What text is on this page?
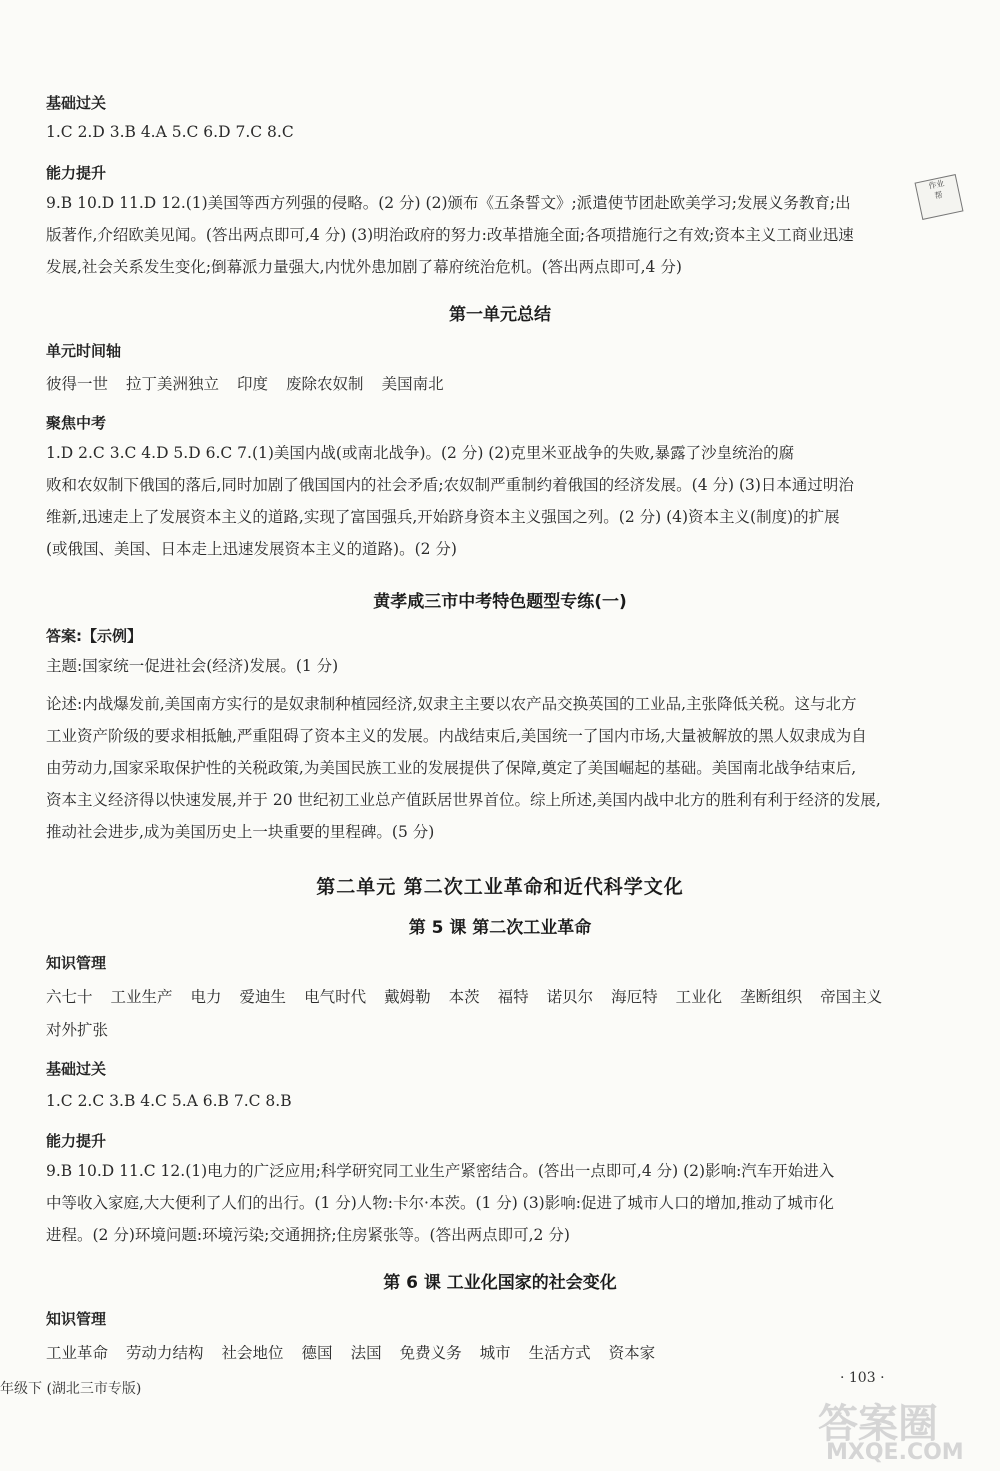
基础过关
1.C 2.D 3.B 4.A 5.C 6.D 7.C 8.C
能力提升
9.B 10.D 11.D 12.(1)美国等西方列强的侵略。(2 分) (2)颁布《五条誓文》;派遣使节团赴欧美学习;发展义务教育;出
版著作,介绍欧美见闻。(答出两点即可,4 分) (3)明治政府的努力:改革措施全面;各项措施行之有效;资本主义工商业迅速
发展,社会关系发生变化;倒幕派力量强大,内忧外患加剧了幕府统治危机。(答出两点即可,4 分)
作业
帮
第一单元总结
单元时间轴
彼得一世 拉丁美洲独立 印度 废除农奴制 美国南北
聚焦中考
1.D 2.C 3.C 4.D 5.D 6.C 7.(1)美国内战(或南北战争)。(2 分) (2)克里米亚战争的失败,暴露了沙皇统治的腐
败和农奴制下俄国的落后,同时加剧了俄国国内的社会矛盾;农奴制严重制约着俄国的经济发展。(4 分) (3)日本通过明治
维新,迅速走上了发展资本主义的道路,实现了富国强兵,开始跻身资本主义强国之列。(2 分) (4)资本主义(制度)的扩展
(或俄国、美国、日本走上迅速发展资本主义的道路)。(2 分)
黄孝咸三市中考特色题型专练(一)
答案:【示例】
主题:国家统一促进社会(经济)发展。(1 分)
论述:内战爆发前,美国南方实行的是奴隶制种植园经济,奴隶主主要以农产品交换英国的工业品,主张降低关税。这与北方
工业资产阶级的要求相抵触,严重阻碍了资本主义的发展。内战结束后,美国统一了国内市场,大量被解放的黑人奴隶成为自
由劳动力,国家采取保护性的关税政策,为美国民族工业的发展提供了保障,奠定了美国崛起的基础。美国南北战争结束后,
资本主义经济得以快速发展,并于 20 世纪初工业总产值跃居世界首位。综上所述,美国内战中北方的胜利有利于经济的发展,
推动社会进步,成为美国历史上一块重要的里程碑。(5 分)
第二单元 第二次工业革命和近代科学文化
第 5 课 第二次工业革命
知识管理
六七十 工业生产 电力 爱迪生 电气时代 戴姆勒 本茨 福特 诺贝尔 海厄特 工业化 垄断组织 帝国主义
对外扩张
基础过关
1.C 2.C 3.B 4.C 5.A 6.B 7.C 8.B
能力提升
9.B 10.D 11.C 12.(1)电力的广泛应用;科学研究同工业生产紧密结合。(答出一点即可,4 分) (2)影响:汽车开始进入
中等收入家庭,大大便利了人们的出行。(1 分)人物:卡尔·本茨。(1 分) (3)影响:促进了城市人口的增加,推动了城市化
进程。(2 分)环境问题:环境污染;交通拥挤;住房紧张等。(答出两点即可,2 分)
第 6 课 工业化国家的社会变化
知识管理
工业革命 劳动力结构 社会地位 德国 法国 免费义务 城市 生活方式 资本家
年级下 (湖北三市专版)
· 103 ·
答案圈
MXQE.COM
